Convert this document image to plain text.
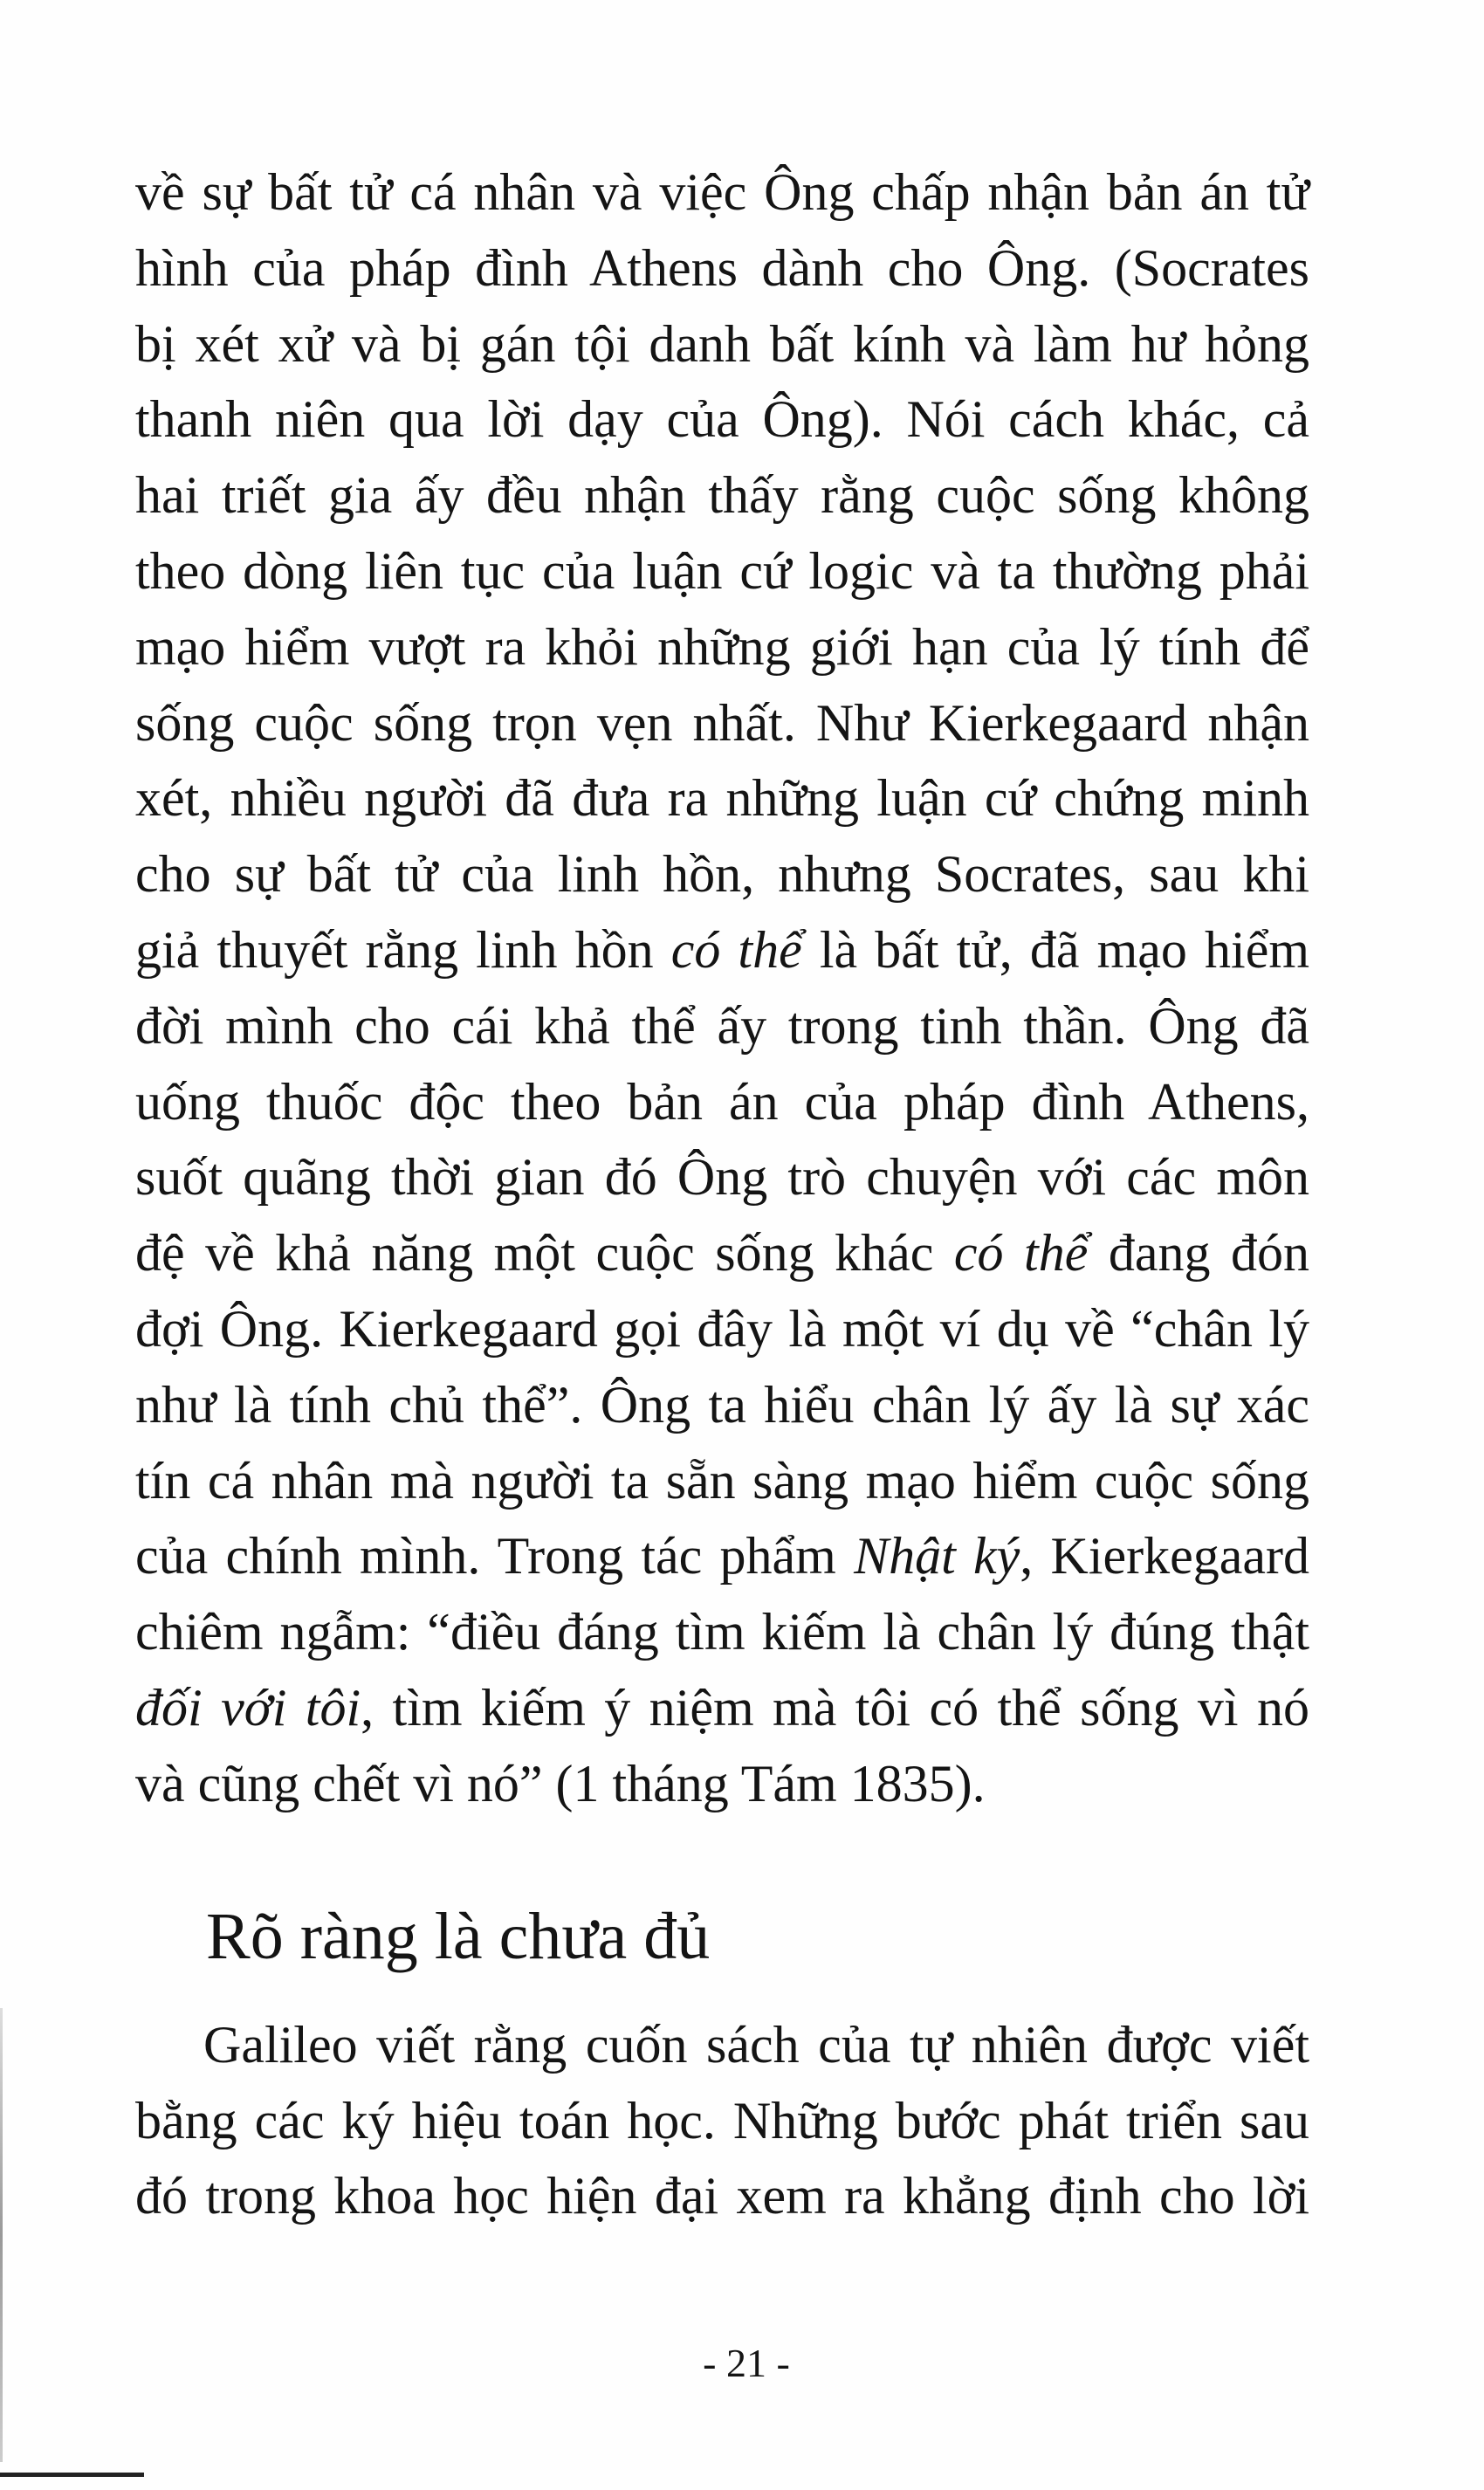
về sự bất tử cá nhân và việc Ông chấp nhận bản án tử
hình của pháp đình Athens dành cho Ông. (Socrates
bị xét xử và bị gán tội danh bất kính và làm hư hỏng
thanh niên qua lời dạy của Ông). Nói cách khác, cả
hai triết gia ấy đều nhận thấy rằng cuộc sống không
theo dòng liên tục của luận cứ logic và ta thường phải
mạo hiểm vượt ra khỏi những giới hạn của lý tính để
sống cuộc sống trọn vẹn nhất. Như Kierkegaard nhận
xét, nhiều người đã đưa ra những luận cứ chứng minh
cho sự bất tử của linh hồn, nhưng Socrates, sau khi
giả thuyết rằng linh hồn có thể là bất tử, đã mạo hiểm
đời mình cho cái khả thể ấy trong tinh thần. Ông đã
uống thuốc độc theo bản án của pháp đình Athens,
suốt quãng thời gian đó Ông trò chuyện với các môn
đệ về khả năng một cuộc sống khác có thể đang đón
đợi Ông. Kierkegaard gọi đây là một ví dụ về “chân lý
như là tính chủ thể”. Ông ta hiểu chân lý ấy là sự xác
tín cá nhân mà người ta sẵn sàng mạo hiểm cuộc sống
của chính mình. Trong tác phẩm Nhật ký, Kierkegaard
chiêm ngẫm: “điều đáng tìm kiếm là chân lý đúng thật
đối với tôi, tìm kiếm ý niệm mà tôi có thể sống vì nó
và cũng chết vì nó” (1 tháng Tám 1835).
Rõ ràng là chưa đủ
Galileo viết rằng cuốn sách của tự nhiên được viết
bằng các ký hiệu toán học. Những bước phát triển sau
đó trong khoa học hiện đại xem ra khẳng định cho lời
- 21 -
